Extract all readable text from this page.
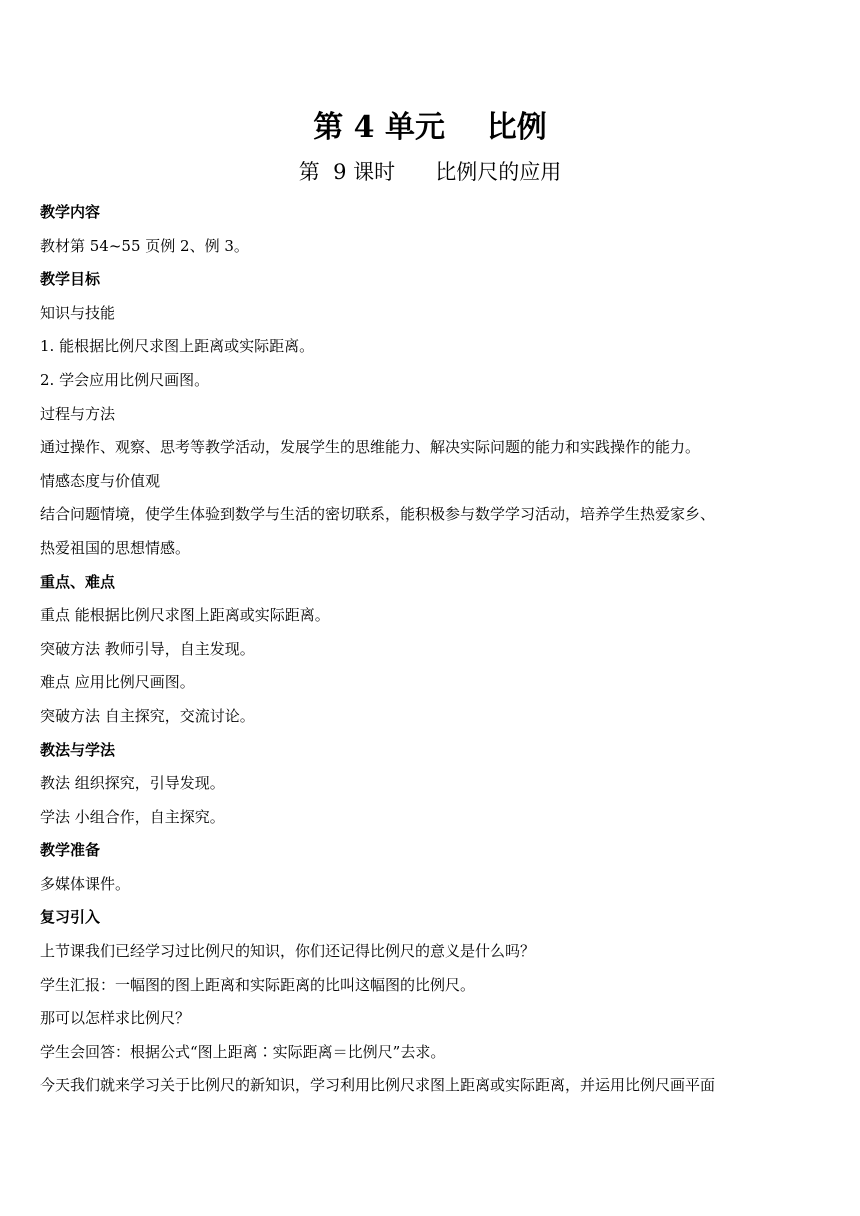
第 4 单元    比例
第  9 课时      比例尺的应用
教学内容
教材第 54~55 页例 2、例 3。
教学目标
知识与技能
1. 能根据比例尺求图上距离或实际距离。
2. 学会应用比例尺画图。
过程与方法
通过操作、观察、思考等教学活动，发展学生的思维能力、解决实际问题的能力和实践操作的能力。
情感态度与价值观
结合问题情境，使学生体验到数学与生活的密切联系，能积极参与数学学习活动，培养学生热爱家乡、
热爱祖国的思想情感。
重点、难点
重点 能根据比例尺求图上距离或实际距离。
突破方法 教师引导，自主发现。
难点 应用比例尺画图。
突破方法 自主探究，交流讨论。
教法与学法
教法 组织探究，引导发现。
学法 小组合作，自主探究。
教学准备
多媒体课件。
复习引入
上节课我们已经学习过比例尺的知识，你们还记得比例尺的意义是什么吗？
学生汇报：一幅图的图上距离和实际距离的比叫这幅图的比例尺。
那可以怎样求比例尺？
学生会回答：根据公式“图上距离∶实际距离＝比例尺”去求。
今天我们就来学习关于比例尺的新知识，学习利用比例尺求图上距离或实际距离，并运用比例尺画平面
